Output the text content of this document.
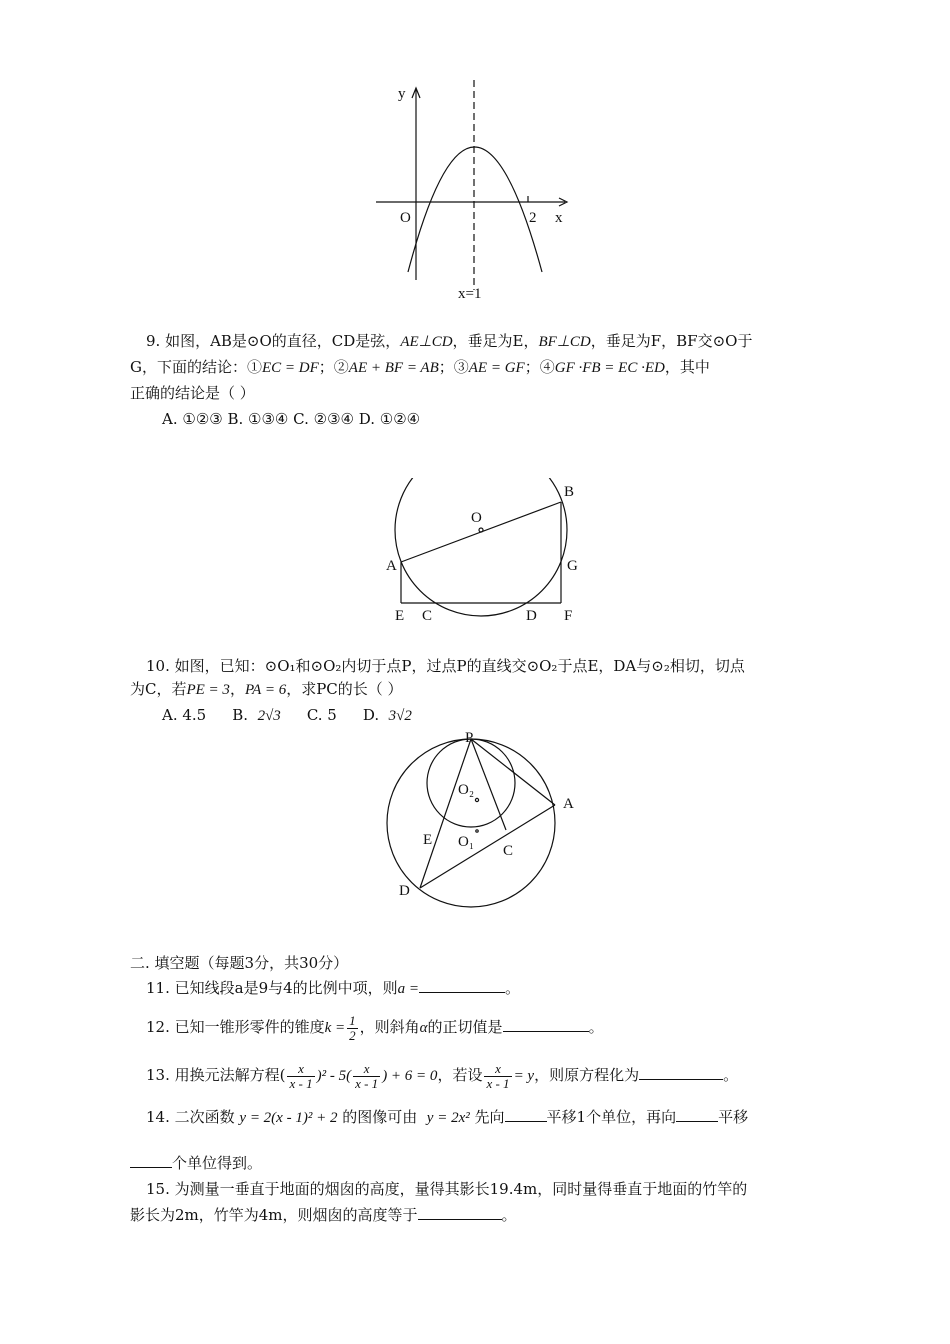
y
x
O	2
x=1
9. 如图，AB是⊙O的直径，CD是弦，AE⊥CD，垂足为E，BF⊥CD，垂足为F，BF交⊙O于
G，下面的结论：①EC = DF；②AE + BF = AB；③AE = GF；④GF ·FB = EC ·ED，其中
正确的结论是（ ）
A. ①②③ B. ①③④ C. ②③④ D. ①②④
O
B
A	G
E C	D F
10. 如图，已知：⊙O₁和⊙O₂内切于点P，过点P的直线交⊙O₂于点E，DA与⊙₂相切，切点
为C，若PE = 3，PA = 6，求PC的长（ ）
A. 4.5 B. 2√3 C. 5 D. 3√2
P
O₂
A
E O₁
C
D
二. 填空题（每题3分，共30分）
11. 已知线段a是9与4的比例中项，则a =	。
12. 已知一锥形零件的锥度$k = \frac{1}{2}$ ，则斜角α的正切值是	。
13. 用换元法解方程( $\frac{x}{x - 1} )^2 - 5( \frac{x}{x - 1}$ ) + 6 = 0，若设 $\frac{x}{x - 1} = y$，则原方程化为	。
14. 二次函数 y = 2(x - 1)² + 2 的图像可由 y = 2x² 先向	平移1个单位，再向	平移
个单位得到。
15. 为测量一垂直于地面的烟囱的高度，量得其影长19.4m，同时量得垂直于地面的竹竿的
影长为2m，竹竿为4m，则烟囱的高度等于	。
